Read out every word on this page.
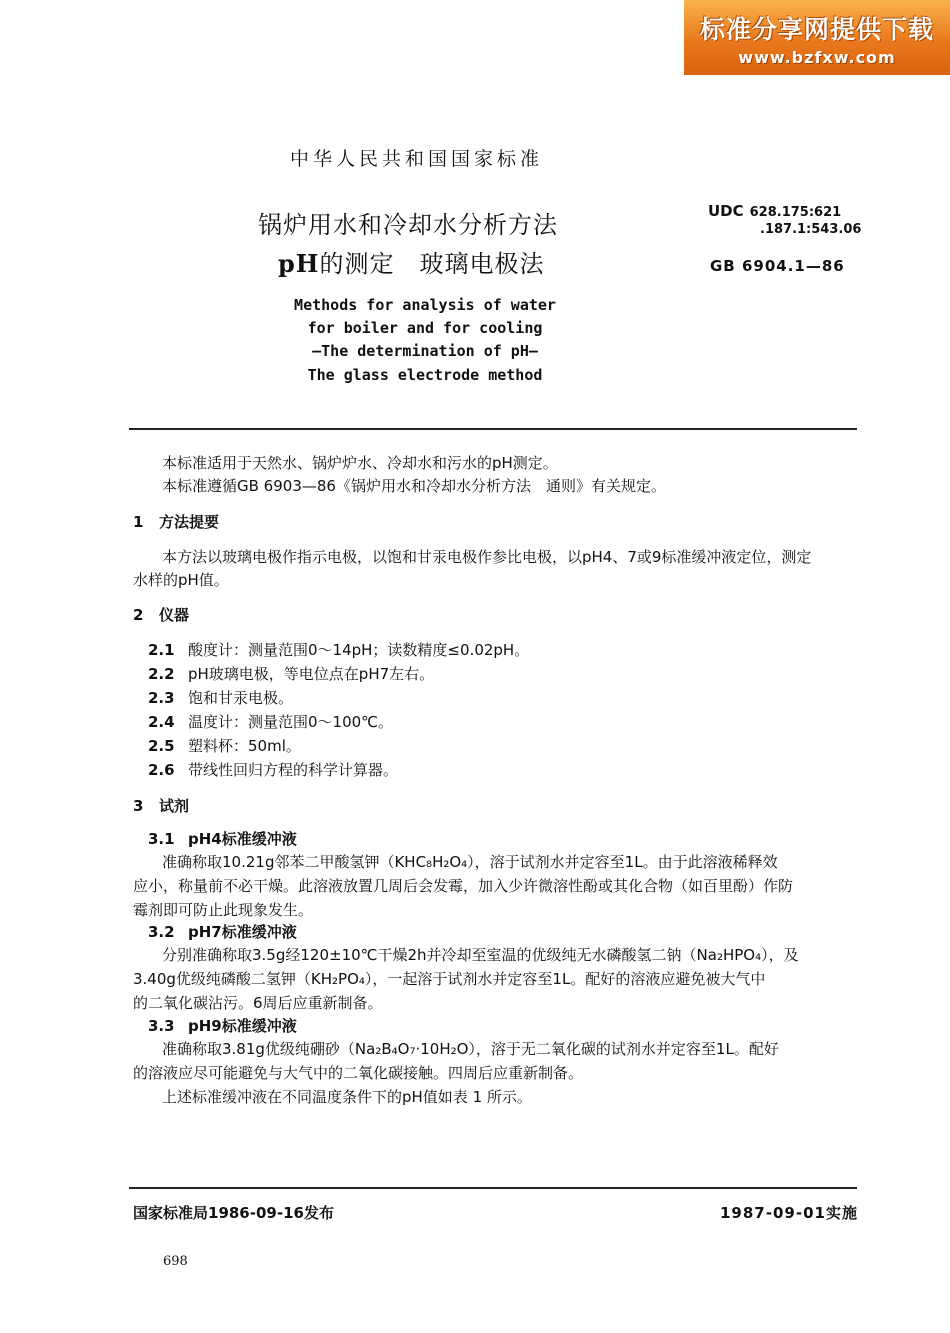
标准分享网提供下载
www.bzfxw.com
中华人民共和国国家标准
锅炉用水和冷却水分析方法
pH的测定　玻璃电极法
UDC 628.175:621
.187.1:543.06
GB 6904.1—86
Methods for analysis of water
for boiler and for cooling
—The determination of pH—
The glass electrode method
本标准适用于天然水、锅炉炉水、冷却水和污水的pH测定。
本标准遵循GB 6903—86《锅炉用水和冷却水分析方法　通则》有关规定。
1 方法提要
本方法以玻璃电极作指示电极，以饱和甘汞电极作参比电极，以pH4、7或9标准缓冲液定位，测定
水样的pH值。
2 仪器
2.1 酸度计：测量范围0～14pH；读数精度≤0.02pH。
2.2 pH玻璃电极，等电位点在pH7左右。
2.3 饱和甘汞电极。
2.4 温度计：测量范围0～100℃。
2.5 塑料杯：50ml。
2.6 带线性回归方程的科学计算器。
3 试剂
3.1 pH4标准缓冲液
准确称取10.21g邻苯二甲酸氢钾（KHC₈H₂O₄），溶于试剂水并定容至1L。由于此溶液稀释效
应小，称量前不必干燥。此溶液放置几周后会发霉，加入少许微溶性酚或其化合物（如百里酚）作防
霉剂即可防止此现象发生。
3.2 pH7标准缓冲液
分别准确称取3.5g经120±10℃干燥2h并冷却至室温的优级纯无水磷酸氢二钠（Na₂HPO₄），及
3.40g优级纯磷酸二氢钾（KH₂PO₄），一起溶于试剂水并定容至1L。配好的溶液应避免被大气中
的二氧化碳沾污。6周后应重新制备。
3.3 pH9标准缓冲液
准确称取3.81g优级纯硼砂（Na₂B₄O₇·10H₂O），溶于无二氧化碳的试剂水并定容至1L。配好
的溶液应尽可能避免与大气中的二氧化碳接触。四周后应重新制备。
上述标准缓冲液在不同温度条件下的pH值如表 1 所示。
国家标准局1986-09-16发布	1987-09-01实施
698
